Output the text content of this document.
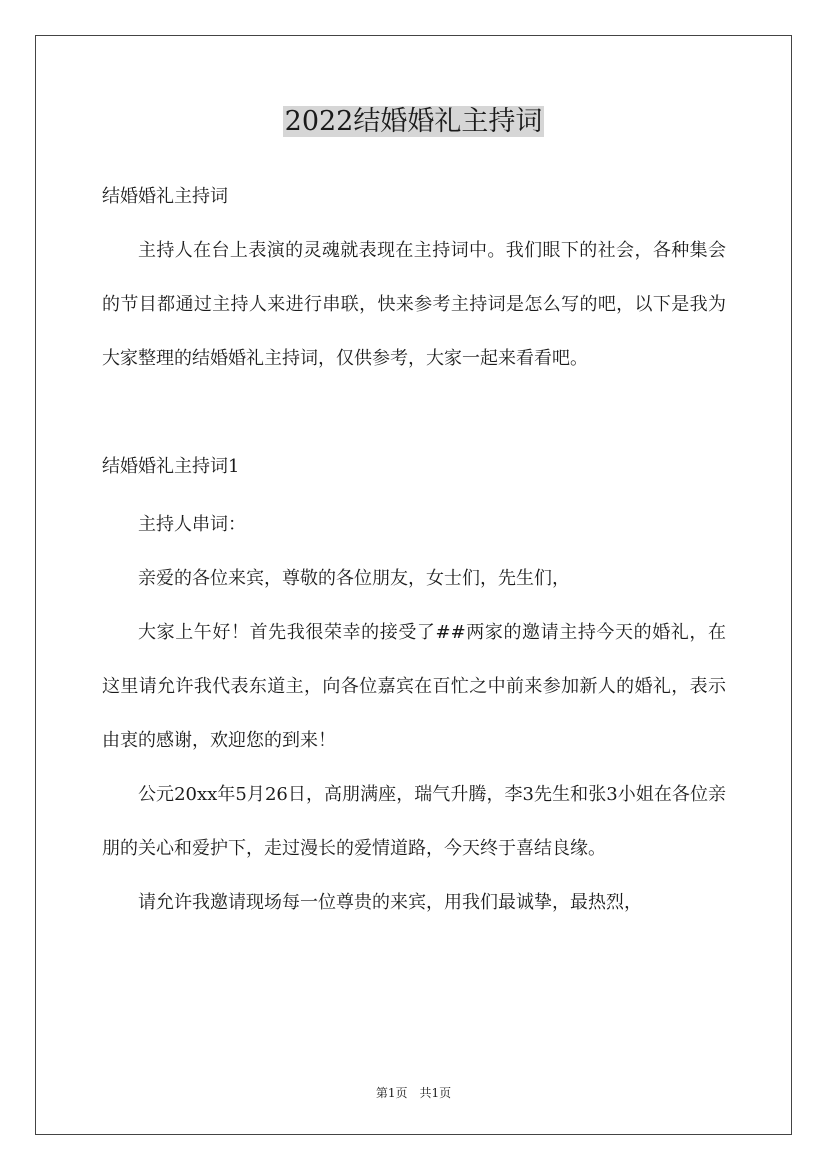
2022结婚婚礼主持词

结婚婚礼主持词

主持人在台上表演的灵魂就表现在主持词中。我们眼下的社会，各种集会的节目都通过主持人来进行串联，快来参考主持词是怎么写的吧，以下是我为大家整理的结婚婚礼主持词，仅供参考，大家一起来看看吧。

结婚婚礼主持词1

主持人串词：

亲爱的各位来宾，尊敬的各位朋友，女士们，先生们，

大家上午好！首先我很荣幸的接受了##两家的邀请主持今天的婚礼，在这里请允许我代表东道主，向各位嘉宾在百忙之中前来参加新人的婚礼，表示由衷的感谢，欢迎您的到来！

公元20xx年5月26日，高朋满座，瑞气升腾，李3先生和张3小姐在各位亲朋的关心和爱护下，走过漫长的爱情道路，今天终于喜结良缘。

请允许我邀请现场每一位尊贵的来宾，用我们最诚挚，最热烈，

第1页 共1页
